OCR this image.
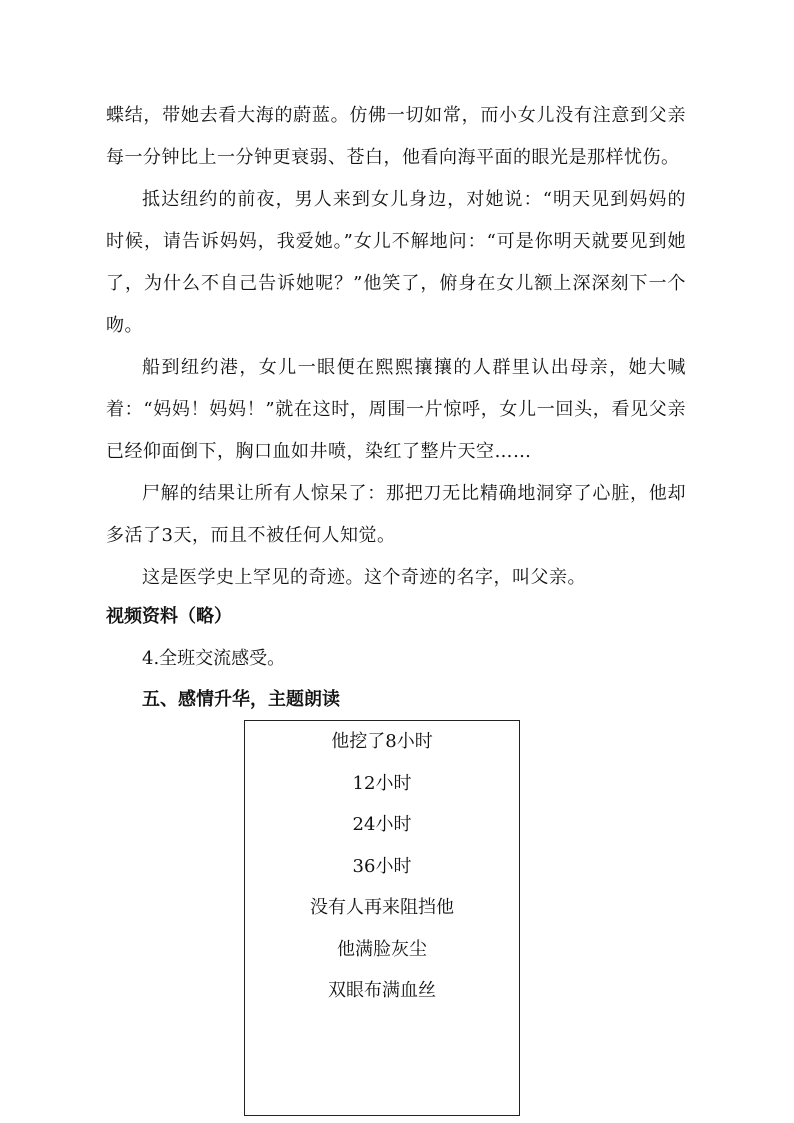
蝶结，带她去看大海的蔚蓝。仿佛一切如常，而小女儿没有注意到父亲每一分钟比上一分钟更衰弱、苍白，他看向海平面的眼光是那样忧伤。

抵达纽约的前夜，男人来到女儿身边，对她说：“明天见到妈妈的时候，请告诉妈妈，我爱她。”女儿不解地问：“可是你明天就要见到她了，为什么不自己告诉她呢？”他笑了，俯身在女儿额上深深刻下一个吻。

船到纽约港，女儿一眼便在熙熙攘攘的人群里认出母亲，她大喊着：“妈妈！妈妈！”就在这时，周围一片惊呼，女儿一回头，看见父亲已经仰面倒下，胸口血如井喷，染红了整片天空……

尸解的结果让所有人惊呆了：那把刀无比精确地洞穿了心脏，他却多活了3天，而且不被任何人知觉。

这是医学史上罕见的奇迹。这个奇迹的名字，叫父亲。

视频资料（略）

4.全班交流感受。

五、感情升华，主题朗读

他挖了8小时

12小时

24小时

36小时

没有人再来阻挡他

他满脸灰尘

双眼布满血丝
